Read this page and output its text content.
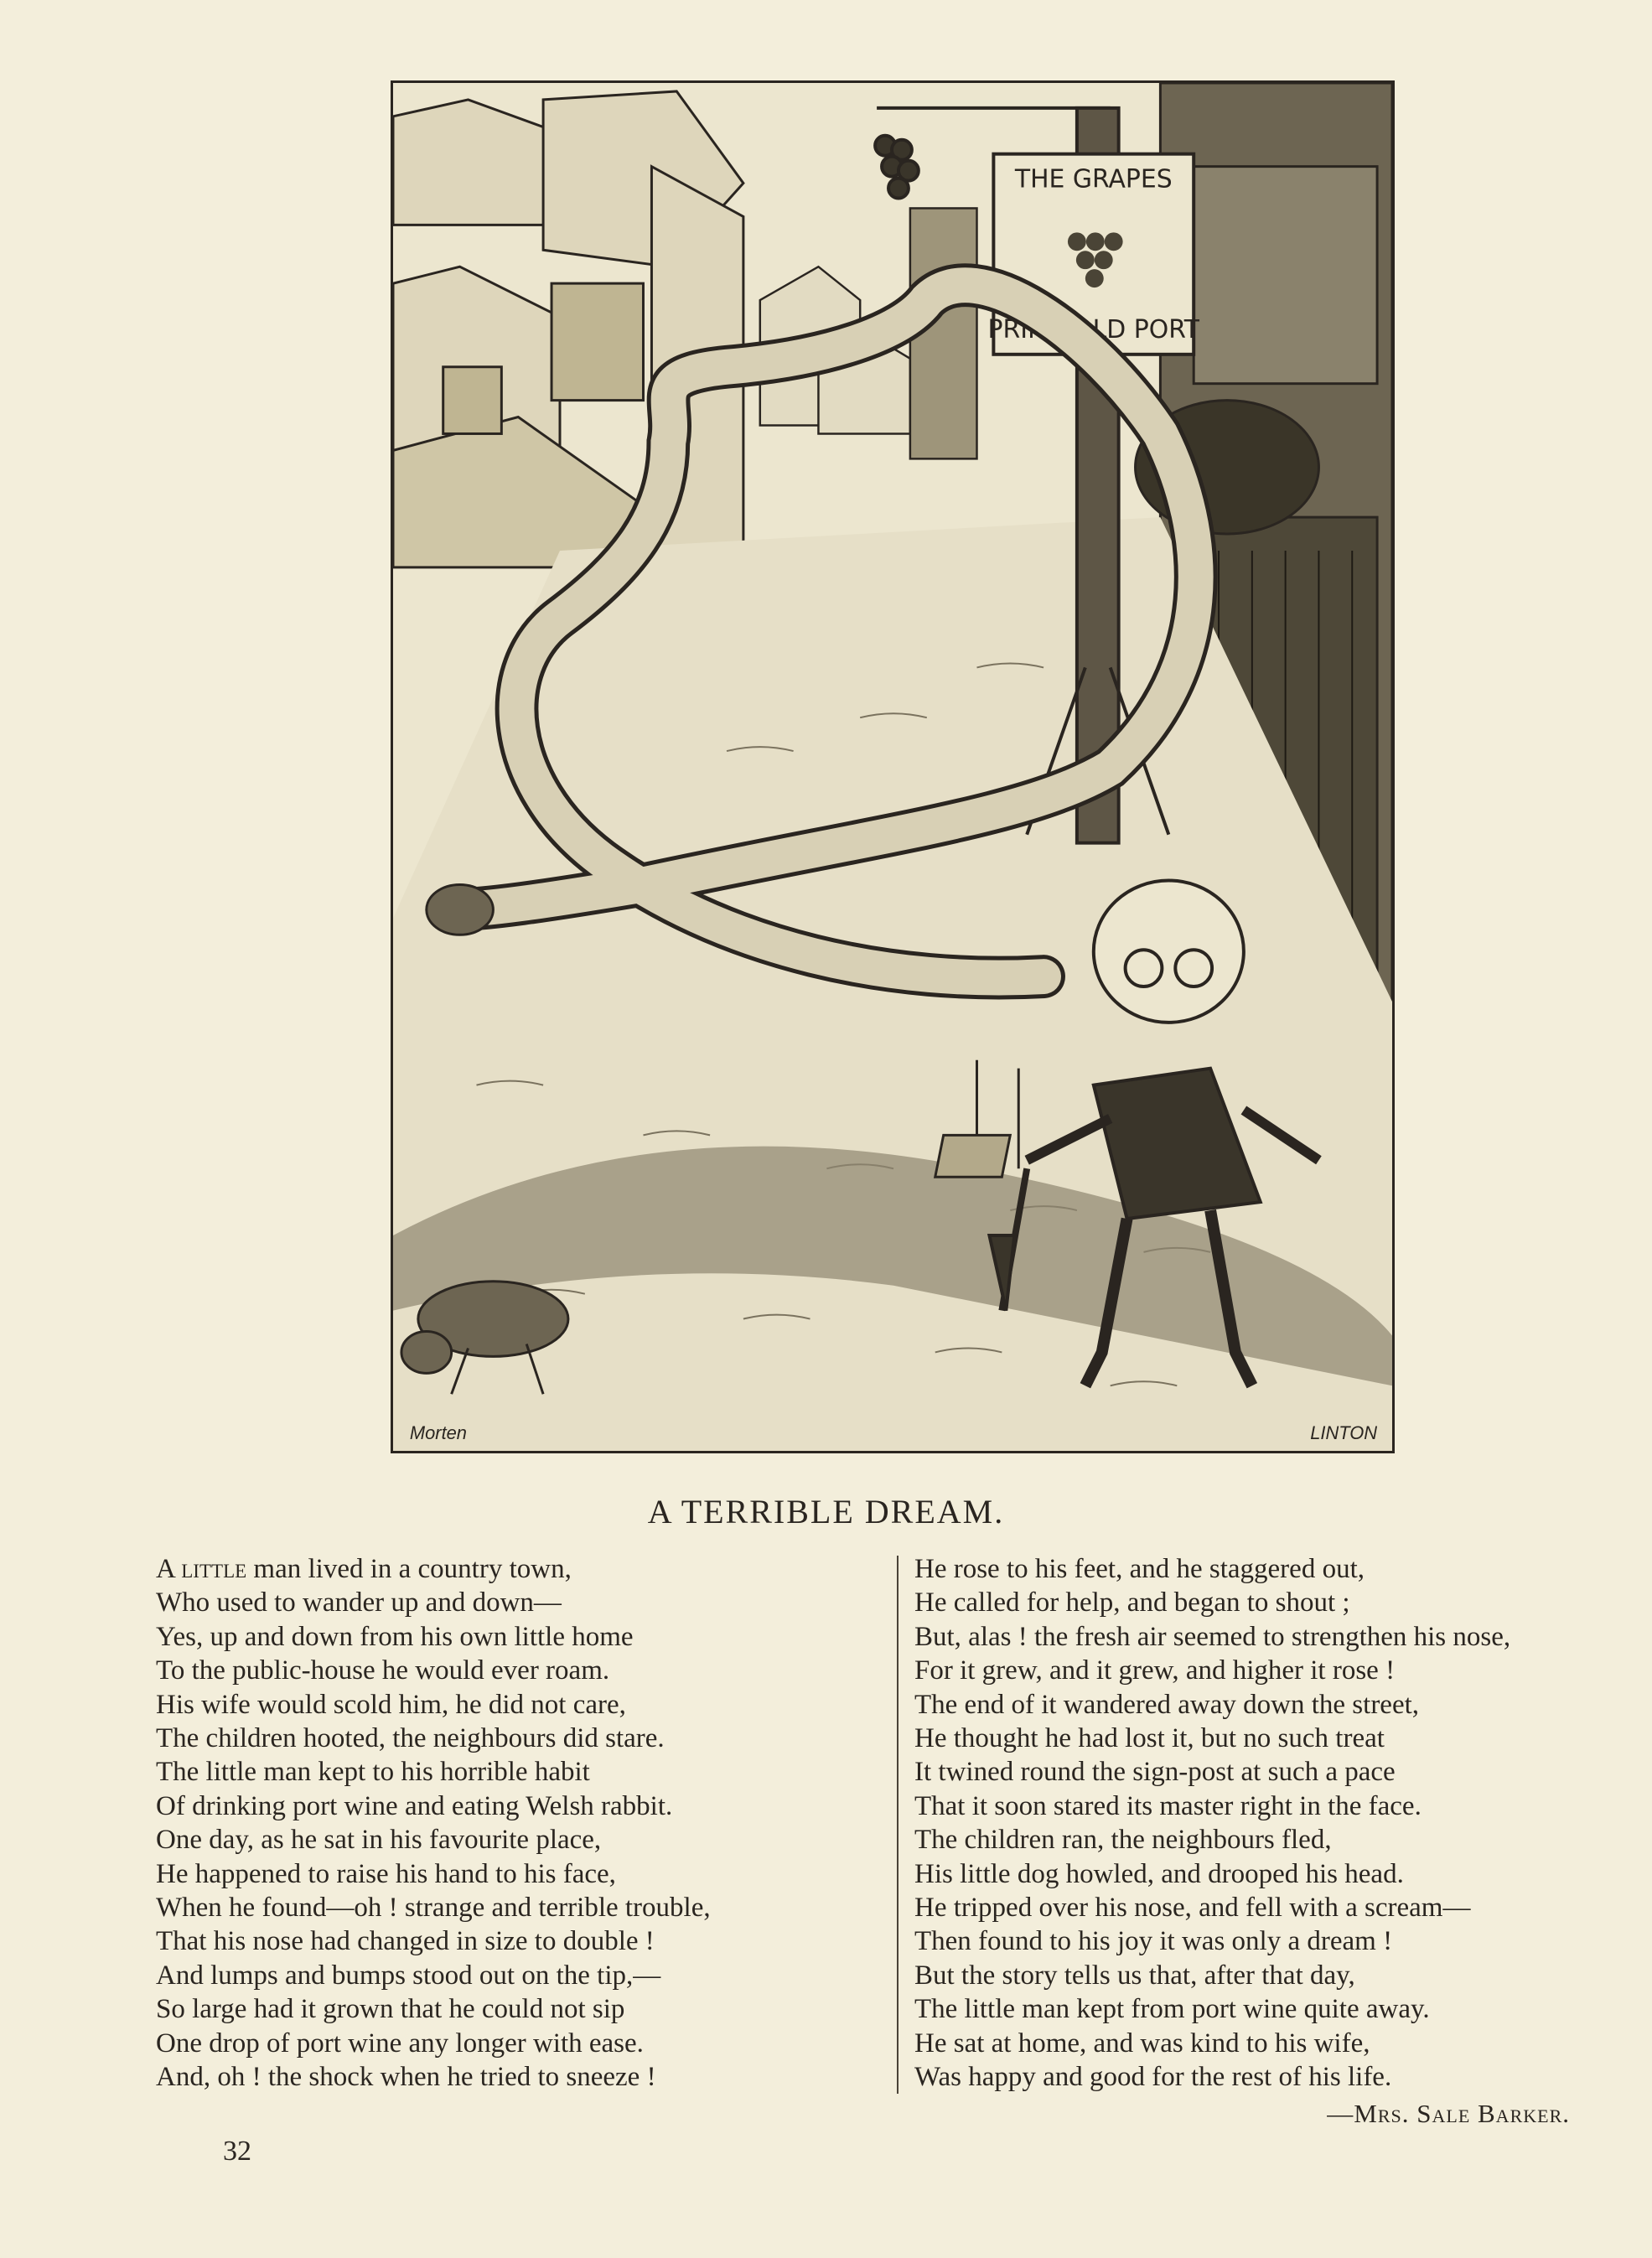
THE GRAPES
PRIME OLD PORT
Morten	LINTON
A TERRIBLE DREAM.
A little man lived in a country town,
Who used to wander up and down—
Yes, up and down from his own little home
To the public-house he would ever roam.
His wife would scold him, he did not care,
The children hooted, the neighbours did stare.
The little man kept to his horrible habit
Of drinking port wine and eating Welsh rabbit.
One day, as he sat in his favourite place,
He happened to raise his hand to his face,
When he found—oh ! strange and terrible trouble,
That his nose had changed in size to double !
And lumps and bumps stood out on the tip,—
So large had it grown that he could not sip
One drop of port wine any longer with ease.
And, oh ! the shock when he tried to sneeze !
He rose to his feet, and he staggered out,
He called for help, and began to shout ;
But, alas ! the fresh air seemed to strengthen his nose,
For it grew, and it grew, and higher it rose !
The end of it wandered away down the street,
He thought he had lost it, but no such treat
It twined round the sign-post at such a pace
That it soon stared its master right in the face.
The children ran, the neighbours fled,
His little dog howled, and drooped his head.
He tripped over his nose, and fell with a scream—
Then found to his joy it was only a dream !
But the story tells us that, after that day,
The little man kept from port wine quite away.
He sat at home, and was kind to his wife,
Was happy and good for the rest of his life.
—Mrs. Sale Barker.
32
